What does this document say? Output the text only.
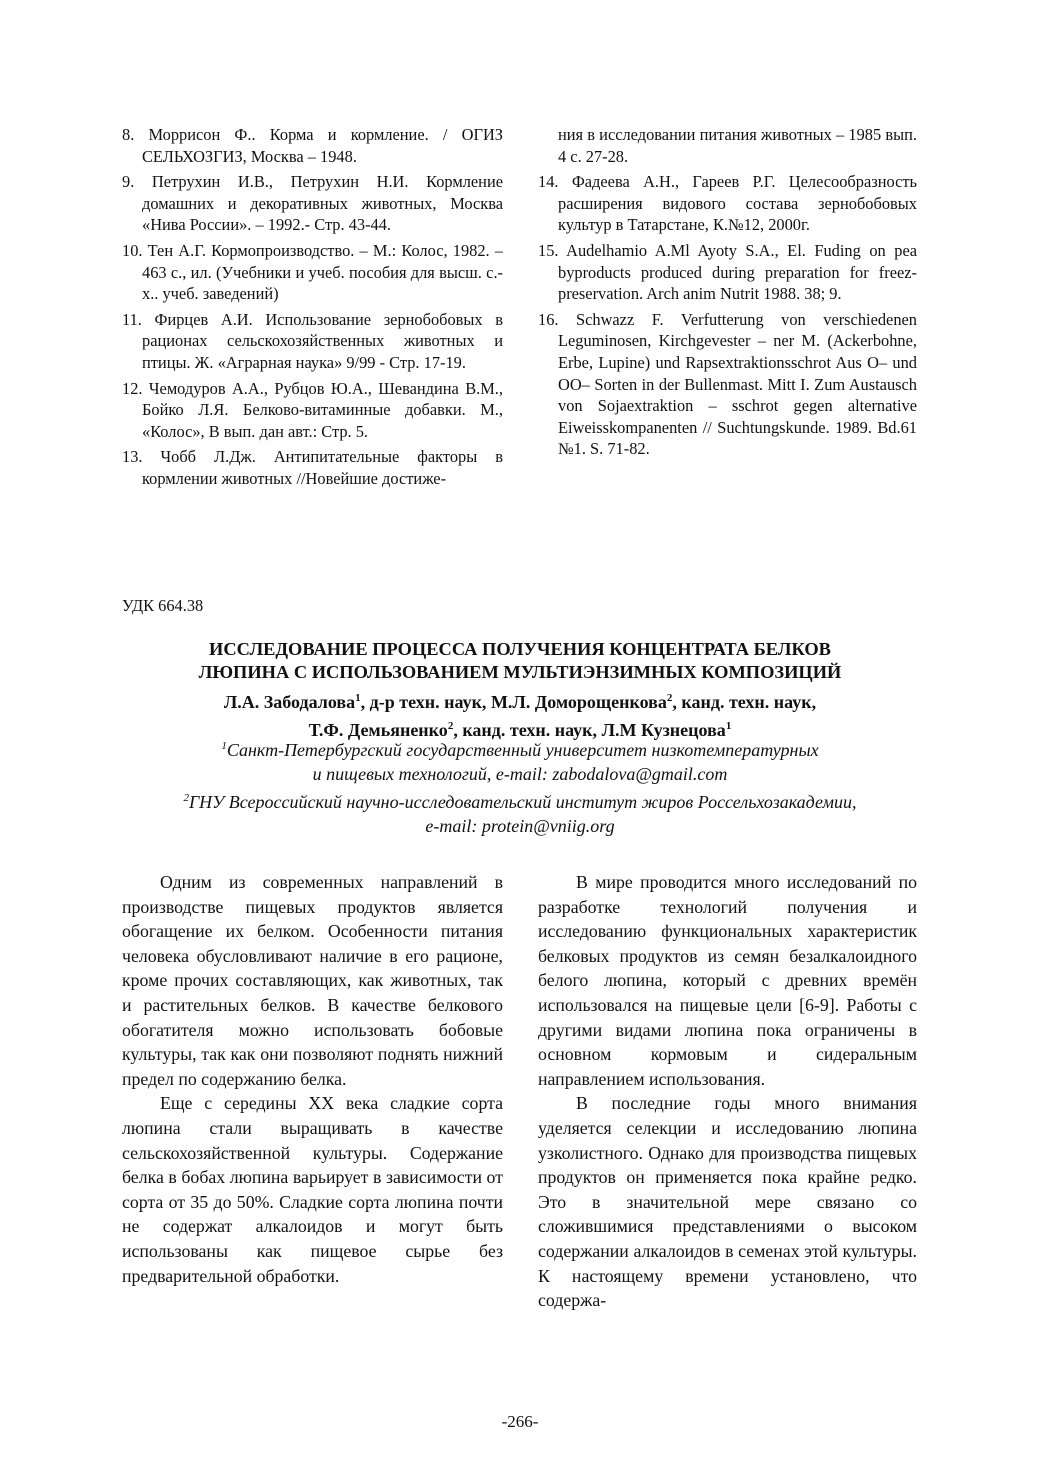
8. Моррисон Ф.. Корма и кормление. / ОГИЗ СЕЛЬХОЗГИЗ, Москва – 1948.

9. Петрухин И.В., Петрухин Н.И. Кормление домашних и декоративных животных, Москва «Нива России». – 1992.- Стр. 43-44.

10. Тен А.Г. Кормопроизводство. – М.: Колос, 1982. – 463 с., ил. (Учебники и учеб. пособия для высш. с.-х.. учеб. заведений)

11. Фирцев А.И. Использование зернобобовых в рационах сельскохозяйственных животных и птицы. Ж. «Аграрная наука» 9/99 - Стр. 17-19.

12. Чемодуров А.А., Рубцов Ю.А., Шевандина В.М., Бойко Л.Я. Белково-витаминные добавки. М., «Колос», В вып. дан авт.: Стр. 5.

13. Чобб Л.Дж. Антипитательные факторы в кормлении животных //Новейшие достиже-

ния в исследовании питания животных – 1985 вып. 4 с. 27-28.

14. Фадеева А.Н., Гареев Р.Г. Целесообразность расширения видового состава зернобобовых культур в Татарстане, К.№12, 2000г.

15. Audelhamio A.Ml Ayoty S.A., El. Fuding on pea byproducts produced during preparation for freez-preservation. Arch anim Nutrit 1988. 38; 9.

16. Schwazz F. Verfutterung von verschiedenen Leguminosen, Kirchgevester – ner M. (Ackerbohne, Erbe, Lupine) und Rapsextraktionsschrot Aus O– und OO– Sorten in der Bullenmast. Mitt I. Zum Austausch von Sojaextraktion – sschrot gegen alternative Eiweisskompanenten // Suchtungskunde. 1989. Bd.61 №1. S. 71-82.

УДК 664.38
ИССЛЕДОВАНИЕ ПРОЦЕССА ПОЛУЧЕНИЯ КОНЦЕНТРАТА БЕЛКОВ
ЛЮПИНА С ИСПОЛЬЗОВАНИЕМ МУЛЬТИЭНЗИМНЫХ КОМПОЗИЦИЙ
Л.А. Забодалова$^1$, д-р техн. наук, М.Л. Доморощенкова$^2$, канд. техн. наук,
Т.Ф. Демьяненко$^2$, канд. техн. наук, Л.М Кузнецова$^1$
$^1$Санкт-Петербургский государственный университет низкотемпературных
и пищевых технологий, e-mail: zabodalova@gmail.com
$^2$ГНУ Всероссийский научно-исследовательский институт жиров Россельхозакадемии,
e-mail: protein@vniig.org

Одним из современных направлений в производстве пищевых продуктов является обогащение их белком. Особенности питания человека обусловливают наличие в его рационе, кроме прочих составляющих, как животных, так и растительных белков. В качестве белкового обогатителя можно использовать бобовые культуры, так как они позволяют поднять нижний предел по содержанию белка.

Еще с середины XX века сладкие сорта люпина стали выращивать в качестве сельскохозяйственной культуры. Содержание белка в бобах люпина варьирует в зависимости от сорта от 35 до 50%. Сладкие сорта люпина почти не содержат алкалоидов и могут быть использованы как пищевое сырье без предварительной обработки.

В мире проводится много исследований по разработке технологий получения и исследованию функциональных характеристик белковых продуктов из семян безалкалоидного белого люпина, который с древних времён использовался на пищевые цели [6-9]. Работы с другими видами люпина пока ограничены в основном кормовым и сидеральным направлением использования.

В последние годы много внимания уделяется селекции и исследованию люпина узколистного. Однако для производства пищевых продуктов он применяется пока крайне редко. Это в значительной мере связано со сложившимися представлениями о высоком содержании алкалоидов в семенах этой культуры. К настоящему времени установлено, что содержа-

-266-
